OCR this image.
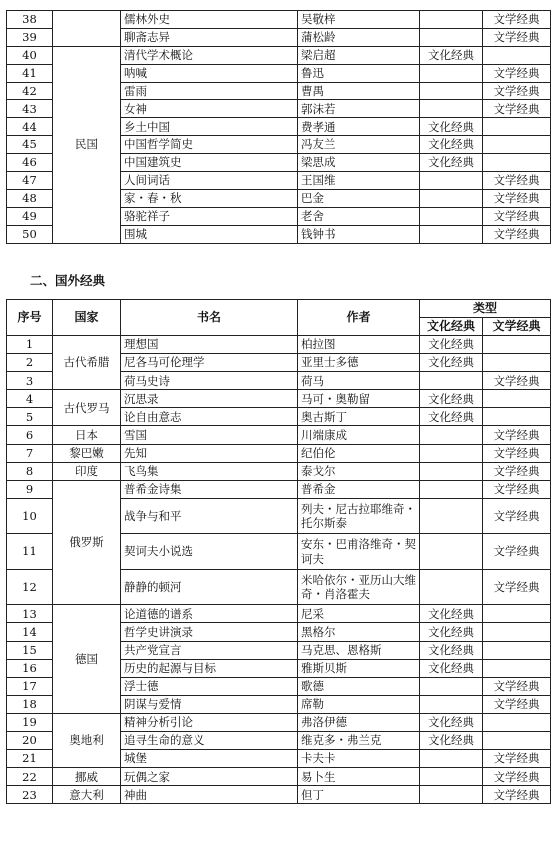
38		儒林外史	吴敬梓		文学经典
39		聊斋志异	蒲松龄		文学经典
40	民国	清代学术概论	梁启超	文化经典	
41		呐喊	鲁迅		文学经典
42		雷雨	曹禺		文学经典
43		女神	郭沫若		文学经典
44		乡土中国	费孝通	文化经典	
45		中国哲学简史	冯友兰	文化经典	
46		中国建筑史	梁思成	文化经典	
47		人间词话	王国维		文学经典
48		家・春・秋	巴金		文学经典
49		骆驼祥子	老舍		文学经典
50		围城	钱钟书		文学经典
二、国外经典
序号	国家	书名	作者	类型	
				文化经典	文学经典
1	古代希腊	理想国	柏拉图	文化经典	
2		尼各马可伦理学	亚里士多德	文化经典	
3		荷马史诗	荷马		文学经典
4	古代罗马	沉思录	马可・奥勒留	文化经典	
5		论自由意志	奥古斯丁	文化经典	
6	日本	雪国	川端康成		文学经典
7	黎巴嫩	先知	纪伯伦		文学经典
8	印度	飞鸟集	泰戈尔		文学经典
9	俄罗斯	普希金诗集	普希金		文学经典
10		战争与和平	列夫・尼古拉耶维奇・托尔斯泰		文学经典
11		契诃夫小说选	安东・巴甫洛维奇・契诃夫		文学经典
12		静静的顿河	米哈依尔・亚历山大维奇・肖洛霍夫		文学经典
13	德国	论道德的谱系	尼采	文化经典	
14		哲学史讲演录	黑格尔	文化经典	
15		共产党宣言	马克思、恩格斯	文化经典	
16		历史的起源与目标	雅斯贝斯	文化经典	
17		浮士德	歌德		文学经典
18		阴谋与爱情	席勒		文学经典
19	奥地利	精神分析引论	弗洛伊德	文化经典	
20		追寻生命的意义	维克多・弗兰克	文化经典	
21		城堡	卡夫卡		文学经典
22	挪威	玩偶之家	易卜生		文学经典
23	意大利	神曲	但丁		文学经典
